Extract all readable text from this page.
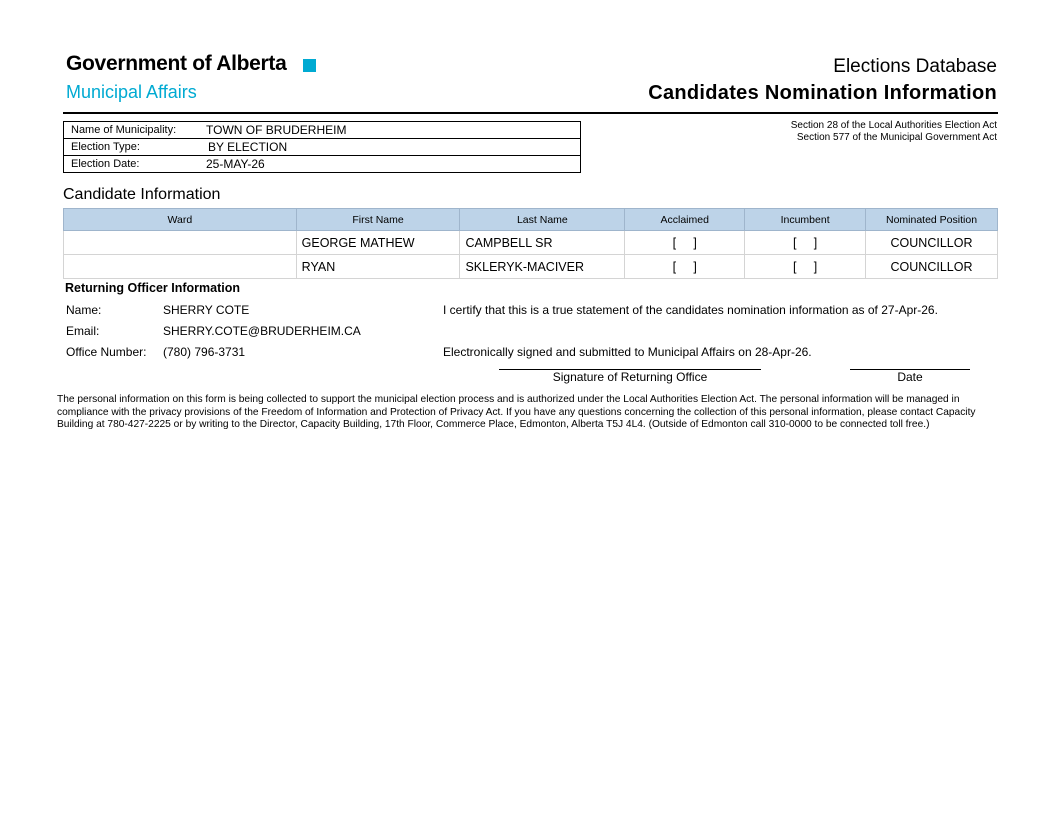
Government of Alberta
Municipal Affairs
Elections Database
Candidates Nomination Information
Name of Municipality:	TOWN OF BRUDERHEIM
Election Type:	BY ELECTION
Election Date:	25-MAY-26
Section 28 of the Local Authorities Election Act
Section 577 of the Municipal Government Act
Candidate Information
Ward	First Name	Last Name	Acclaimed	Incumbent	Nominated Position
	GEORGE MATHEW	CAMPBELL SR	[     ]	[     ]	COUNCILLOR
	RYAN	SKLERYK-MACIVER	[     ]	[     ]	COUNCILLOR
Returning Officer Information
Name:	SHERRY COTE	I certify that this is a true statement of the candidates nomination information as of 27-Apr-26.
Email:	SHERRY.COTE@BRUDERHEIM.CA
Office Number: (780) 796-3731	Electronically signed and submitted to Municipal Affairs on 28-Apr-26.
Signature of Returning Office	Date
The personal information on this form is being collected to support the municipal election process and is authorized under the Local Authorities Election Act. The personal information will be managed in compliance with the privacy provisions of the Freedom of Information and Protection of Privacy Act. If you have any questions concerning the collection of this personal information, please contact Capacity Building at 780-427-2225 or by writing to the Director, Capacity Building, 17th Floor, Commerce Place, Edmonton, Alberta T5J 4L4. (Outside of Edmonton call 310-0000 to be connected toll free.)
